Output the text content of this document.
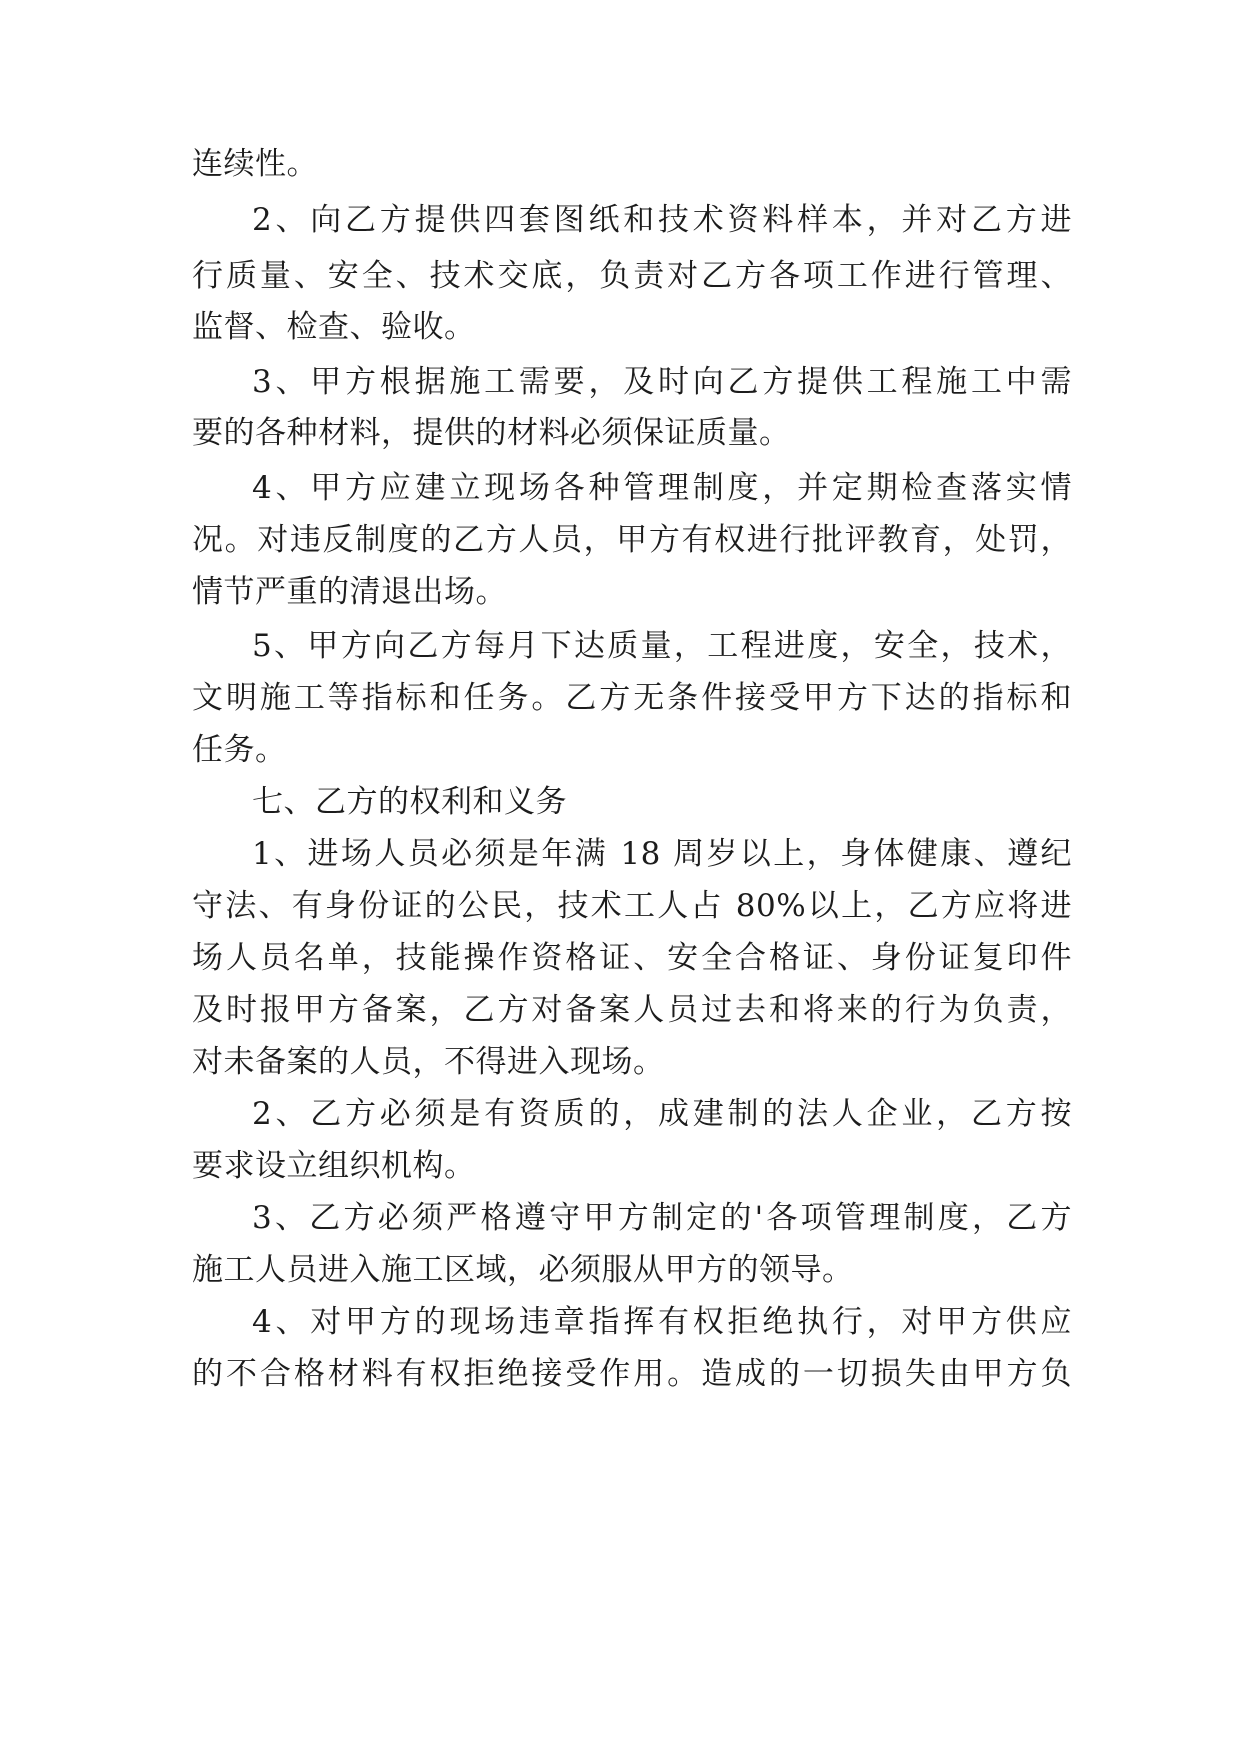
连续性。
2、向乙方提供四套图纸和技术资料样本，并对乙方进
行质量、安全、技术交底，负责对乙方各项工作进行管理、
监督、检查、验收。
3、甲方根据施工需要，及时向乙方提供工程施工中需
要的各种材料，提供的材料必须保证质量。
4、甲方应建立现场各种管理制度，并定期检查落实情
况。对违反制度的乙方人员，甲方有权进行批评教育，处罚，
情节严重的清退出场。
5、甲方向乙方每月下达质量，工程进度，安全，技术，
文明施工等指标和任务。乙方无条件接受甲方下达的指标和
任务。
七、乙方的权利和义务
1、进场人员必须是年满 18 周岁以上，身体健康、遵纪
守法、有身份证的公民，技术工人占 80%以上，乙方应将进
场人员名单，技能操作资格证、安全合格证、身份证复印件
及时报甲方备案，乙方对备案人员过去和将来的行为负责，
对未备案的人员，不得进入现场。
2、乙方必须是有资质的，成建制的法人企业，乙方按
要求设立组织机构。
3、乙方必须严格遵守甲方制定的'各项管理制度，乙方
施工人员进入施工区域，必须服从甲方的领导。
4、对甲方的现场违章指挥有权拒绝执行，对甲方供应
的不合格材料有权拒绝接受作用。造成的一切损失由甲方负
